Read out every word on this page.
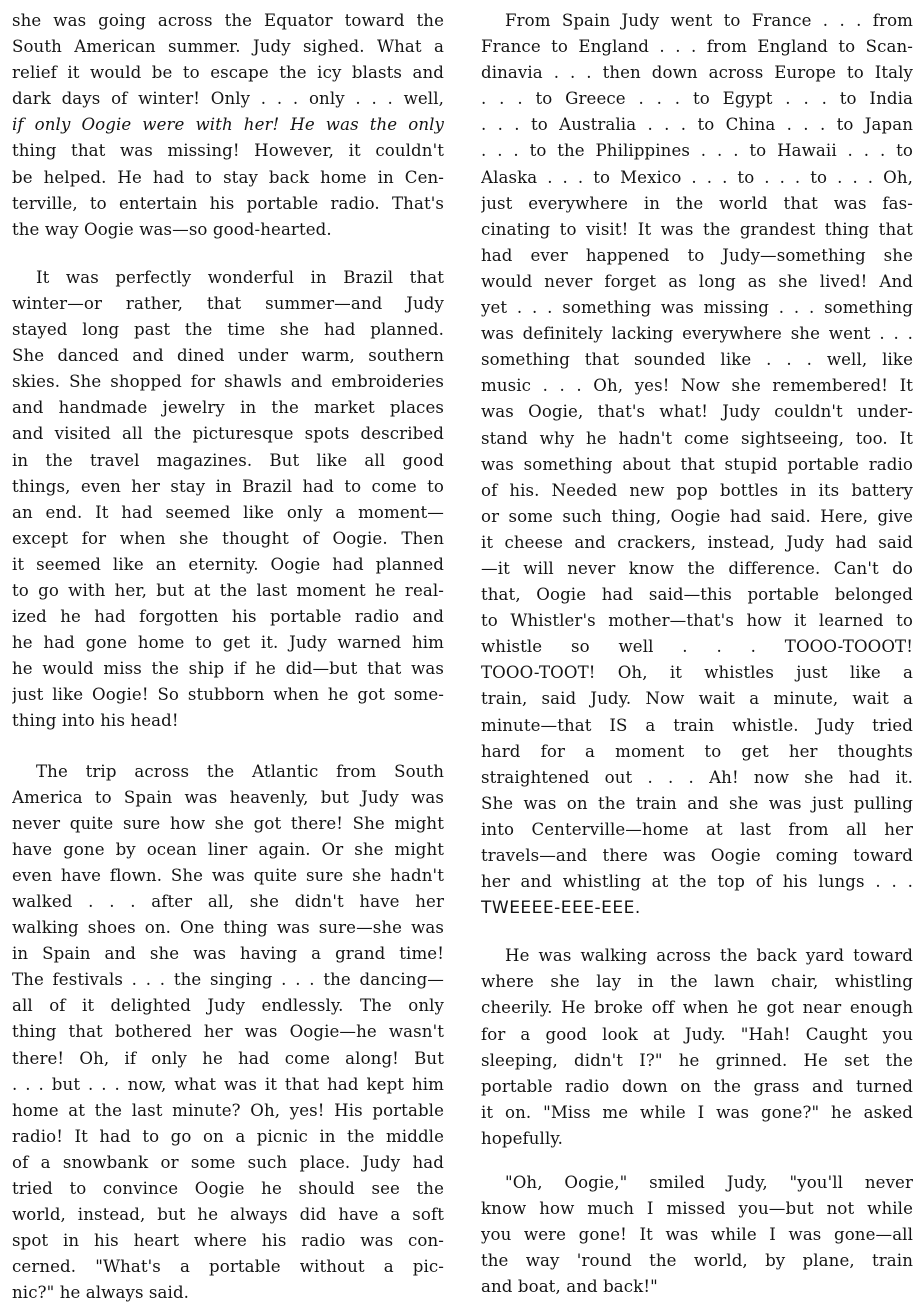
she was going across the Equator toward the
South American summer. Judy sighed. What a
relief it would be to escape the icy blasts and
dark days of winter! Only . . . only . . . well,
if only Oogie were with her! He was the only
thing that was missing! However, it couldn't
be helped. He had to stay back home in Cen-
terville, to entertain his portable radio. That's
the way Oogie was—so good-hearted.
It was perfectly wonderful in Brazil that
winter—or rather, that summer—and Judy
stayed long past the time she had planned.
She danced and dined under warm, southern
skies. She shopped for shawls and embroideries
and handmade jewelry in the market places
and visited all the picturesque spots described
in the travel magazines. But like all good
things, even her stay in Brazil had to come to
an end. It had seemed like only a moment—
except for when she thought of Oogie. Then
it seemed like an eternity. Oogie had planned
to go with her, but at the last moment he real-
ized he had forgotten his portable radio and
he had gone home to get it. Judy warned him
he would miss the ship if he did—but that was
just like Oogie! So stubborn when he got some-
thing into his head!
The trip across the Atlantic from South
America to Spain was heavenly, but Judy was
never quite sure how she got there! She might
have gone by ocean liner again. Or she might
even have flown. She was quite sure she hadn't
walked . . . after all, she didn't have her
walking shoes on. One thing was sure—she was
in Spain and she was having a grand time!
The festivals . . . the singing . . . the dancing—
all of it delighted Judy endlessly. The only
thing that bothered her was Oogie—he wasn't
there! Oh, if only he had come along! But
. . . but . . . now, what was it that had kept him
home at the last minute? Oh, yes! His portable
radio! It had to go on a picnic in the middle
of a snowbank or some such place. Judy had
tried to convince Oogie he should see the
world, instead, but he always did have a soft
spot in his heart where his radio was con-
cerned. "What's a portable without a pic-
nic?" he always said.
From Spain Judy went to France . . . from
France to England . . . from England to Scan-
dinavia . . . then down across Europe to Italy
. . . to Greece . . . to Egypt . . . to India
. . . to Australia . . . to China . . . to Japan
. . . to the Philippines . . . to Hawaii . . . to
Alaska . . . to Mexico . . . to . . . to . . . Oh,
just everywhere in the world that was fas-
cinating to visit! It was the grandest thing that
had ever happened to Judy—something she
would never forget as long as she lived! And
yet . . . something was missing . . . something
was definitely lacking everywhere she went . . .
something that sounded like . . . well, like
music . . . Oh, yes! Now she remembered! It
was Oogie, that's what! Judy couldn't under-
stand why he hadn't come sightseeing, too. It
was something about that stupid portable radio
of his. Needed new pop bottles in its battery
or some such thing, Oogie had said. Here, give
it cheese and crackers, instead, Judy had said
—it will never know the difference. Can't do
that, Oogie had said—this portable belonged
to Whistler's mother—that's how it learned to
whistle so well . . . TOOO-TOOOT!
TOOO-TOOT! Oh, it whistles just like a
train, said Judy. Now wait a minute, wait a
minute—that IS a train whistle. Judy tried
hard for a moment to get her thoughts
straightened out . . . Ah! now she had it.
She was on the train and she was just pulling
into Centerville—home at last from all her
travels—and there was Oogie coming toward
her and whistling at the top of his lungs . . .
TWEEEE-EEE-EEE.
He was walking across the back yard toward
where she lay in the lawn chair, whistling
cheerily. He broke off when he got near enough
for a good look at Judy. "Hah! Caught you
sleeping, didn't I?" he grinned. He set the
portable radio down on the grass and turned
it on. "Miss me while I was gone?" he asked
hopefully.
"Oh, Oogie," smiled Judy, "you'll never
know how much I missed you—but not while
you were gone! It was while I was gone—all
the way 'round the world, by plane, train
and boat, and back!"
